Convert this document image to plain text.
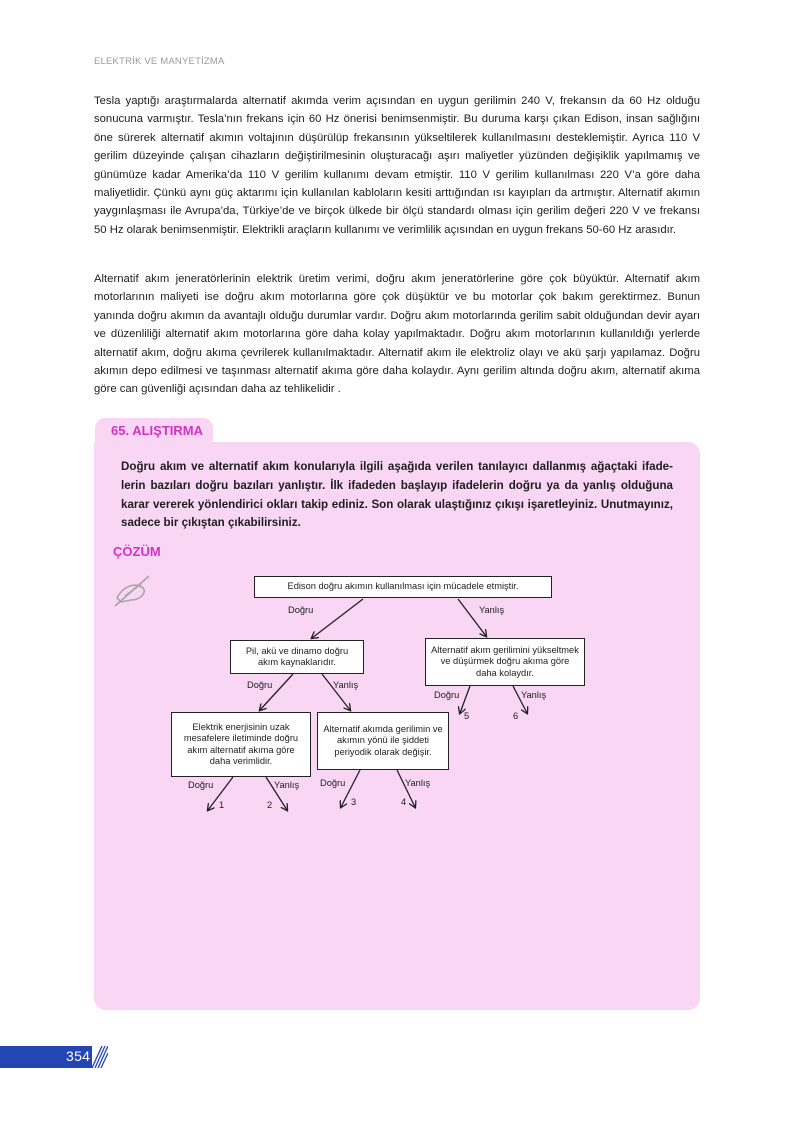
ELEKTRİK VE MANYETİZMA

Tesla yaptığı araştırmalarda alternatif akımda verim açısından en uygun gerilimin 240 V, frekansın da 60 Hz olduğu sonucuna varmıştır. Tesla’nın frekans için 60 Hz önerisi benimsenmiştir. Bu duruma karşı çıkan Edison, insan sağlığını öne sürerek alternatif akımın voltajının düşürülüp frekansının yükseltilerek kullanılmasını desteklemiştir. Ayrıca 110 V gerilim düzeyinde çalışan cihazların değiştirilmesinin oluşturacağı aşırı maliyetler yüzünden değişiklik yapılmamış ve günümüze kadar Amerika’da 110 V gerilim kullanımı devam etmiştir. 110 V gerilim kullanılması 220 V’a göre daha maliyetlidir. Çünkü aynı güç aktarımı için kullanılan kabloların kesiti arttığından ısı kayıpları da artmıştır. Alternatif akımın yaygınlaşması ile Avrupa’da, Türkiye’de ve birçok ülkede bir ölçü standardı olması için gerilim değeri 220 V ve frekansı 50 Hz olarak benimsenmiştir. Elektrikli araçların kullanımı ve verimlilik açısından en uygun frekans 50-60 Hz arasıdır.

Alternatif akım jeneratörlerinin elektrik üretim verimi, doğru akım jeneratörlerine göre çok büyüktür. Alternatif akım motorlarının maliyeti ise doğru akım motorlarına göre çok düşüktür ve bu motorlar çok bakım gerektirmez. Bunun yanında doğru akımın da avantajlı olduğu durumlar vardır. Doğru akım motorlarında gerilim sabit olduğundan devir ayarı ve düzenliliği alternatif akım motorlarına göre daha kolay yapılmaktadır. Doğru akım motorlarının kullanıldığı yerlerde alternatif akım, doğru akıma çevrilerek kullanılmaktadır. Alternatif akım ile elektroliz olayı ve akü şarjı yapılamaz. Doğru akımın depo edilmesi ve taşınması alternatif akıma göre daha kolaydır. Aynı gerilim altında doğru akım, alternatif akıma göre can güvenliği açısından daha az tehlikelidir .

65. ALIŞTIRMA

Doğru akım ve alternatif akım konularıyla ilgili aşağıda verilen tanılayıcı dallanmış ağaçtaki ifadelerin bazıları doğru bazıları yanlıştır. İlk ifadeden başlayıp ifadelerin doğru ya da yanlış olduğuna karar vererek yönlendirici okları takip ediniz. Son olarak ulaştığınız çıkışı işaretleyiniz. Unutmayınız, sadece bir çıkıştan çıkabilirsiniz.

ÇÖZÜM
Edison doğru akımın kullanılması için mücadele etmiştir.
Pil, akü ve dinamo doğru akım kaynaklarıdır.
Alternatif akım gerilimini yükseltmek ve düşürmek doğru akıma göre daha kolaydır.
Elektrik enerjisinin uzak mesafelere iletiminde doğru akım alternatif akıma göre daha verimlidir.
Alternatif akımda gerilimin ve akımın yönü ile şiddeti periyodik olarak değişir.
Doğru	Yanlış
Doğru	Yanlış
Doğru	Yanlış
Doğru	Yanlış Doğru	Yanlış
1	2	3	4
5	6
354
